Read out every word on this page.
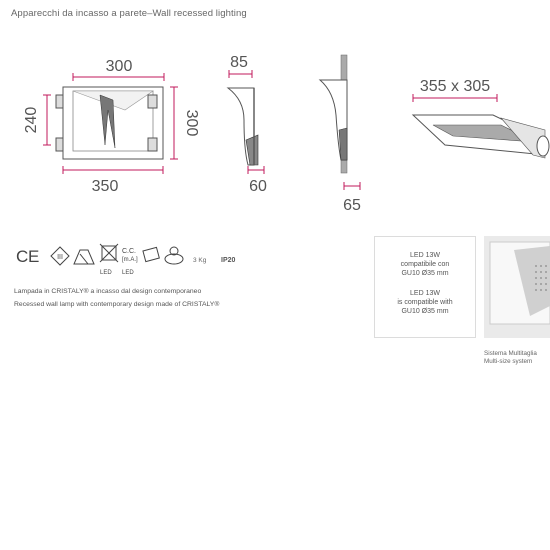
Apparecchi da incasso a parete–Wall recessed lighting
300
240	300
350
85
60
65
355 x 305
C E	III
C.C.
[m.A.]
LED LED
3 Kg IP20
Lampada in CRISTALY® a incasso dal design contemporaneo
Recessed wall lamp with contemporary design made of CRISTALY®
LED 13W
compatibile con
GU10 Ø35 mm
LED 13W
is compatible with
GU10 Ø35 mm
Sistema Multitaglia
Multi-size system
